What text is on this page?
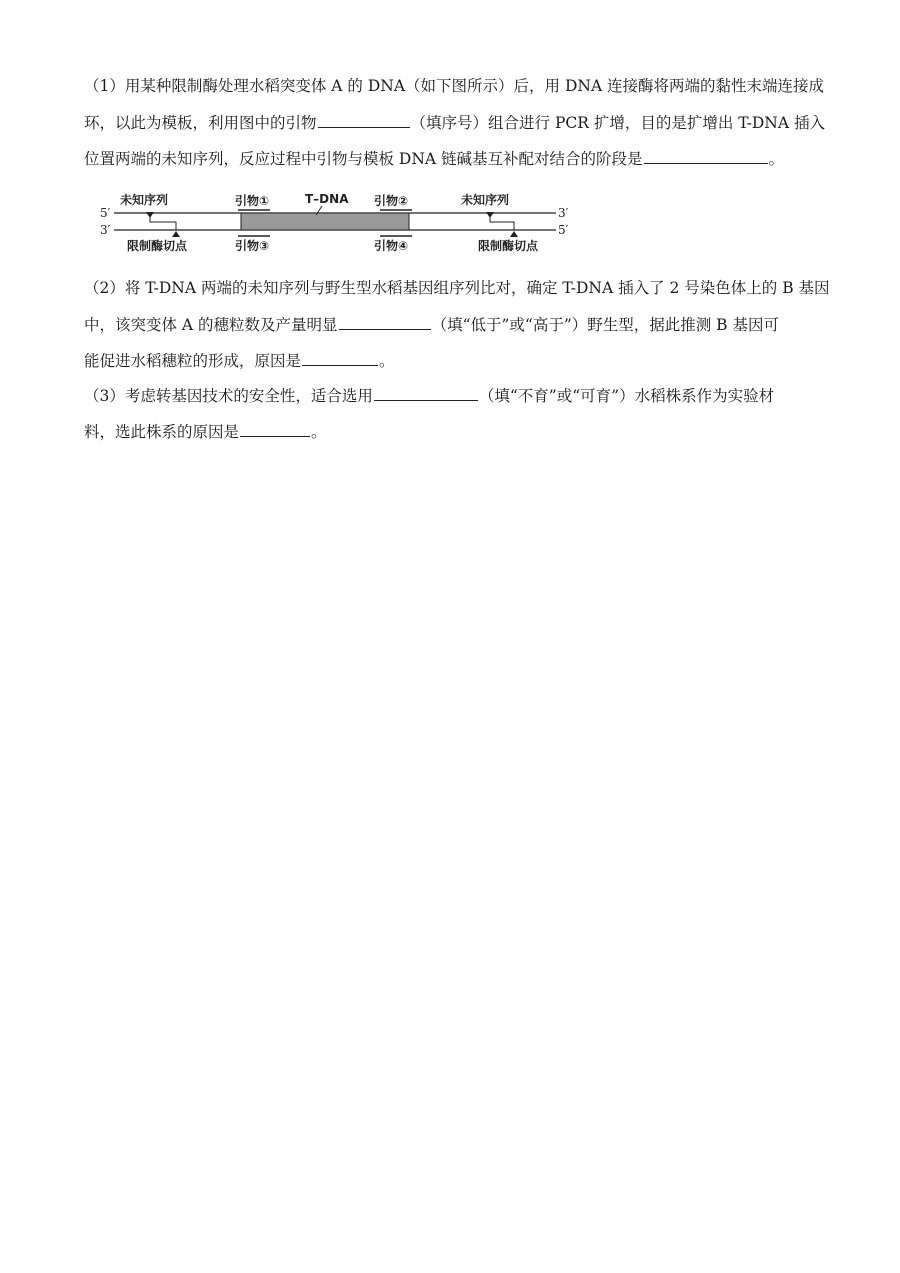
（1）用某种限制酶处理水稻突变体 A 的 DNA（如下图所示）后，用 DNA 连接酶将两端的黏性末端连接成
环，以此为模板，利用图中的引物	（填序号）组合进行 PCR 扩增，目的是扩增出 T-DNA 插入
位置两端的未知序列，反应过程中引物与模板 DNA 链碱基互补配对结合的阶段是	。
5′
3′
3′
5′
未知序列	未知序列
T–DNA
引物①	引物②
限制酶切点	限制酶切点
引物③	引物④
（2）将 T-DNA 两端的未知序列与野生型水稻基因组序列比对，确定 T-DNA 插入了 2 号染色体上的 B 基因
中，该突变体 A 的穗粒数及产量明显	（填“低于”或“高于”）野生型，据此推测 B 基因可
能促进水稻穗粒的形成，原因是	。
（3）考虑转基因技术的安全性，适合选用	（填“不育”或“可育”）水稻株系作为实验材
料，选此株系的原因是	。
